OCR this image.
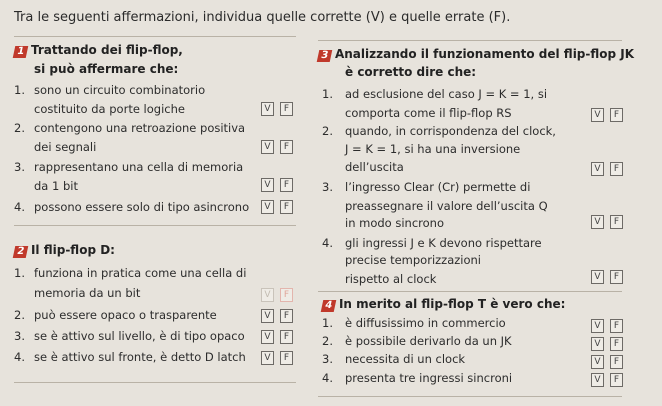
Tra le seguenti affermazioni, individua quelle corrette (V) e quelle errate (F).
1 Trattando dei flip-flop,
si può affermare che:
1. sono un circuito combinatorio
costituito da porte logiche	V	F
2. contengono una retroazione positiva
dei segnali	V	F
3. rappresentano una cella di memoria
da 1 bit	V	F
4. possono essere solo di tipo asincrono	V	F
2 Il flip-flop D:
1. funziona in pratica come una cella di
memoria da un bit	V	F
2. può essere opaco o trasparente	V	F
3. se è attivo sul livello, è di tipo opaco	V	F
4. se è attivo sul fronte, è detto D latch	V	F
3 Analizzando il funzionamento del flip-flop JK
è corretto dire che:
1. ad esclusione del caso J = K = 1, si
comporta come il flip-flop RS	V	F
2. quando, in corrispondenza del clock,
J = K = 1, si ha una inversione
dell’uscita	V	F
3. l’ingresso Clear (Cr) permette di
preassegnare il valore dell’uscita Q
in modo sincrono	V	F
4. gli ingressi J e K devono rispettare
precise temporizzazioni
rispetto al clock	V	F
4 In merito al flip-flop T è vero che:
1. è diffusissimo in commercio	V	F
2. è possibile derivarlo da un JK	V	F
3. necessita di un clock	V	F
4. presenta tre ingressi sincroni	V	F
